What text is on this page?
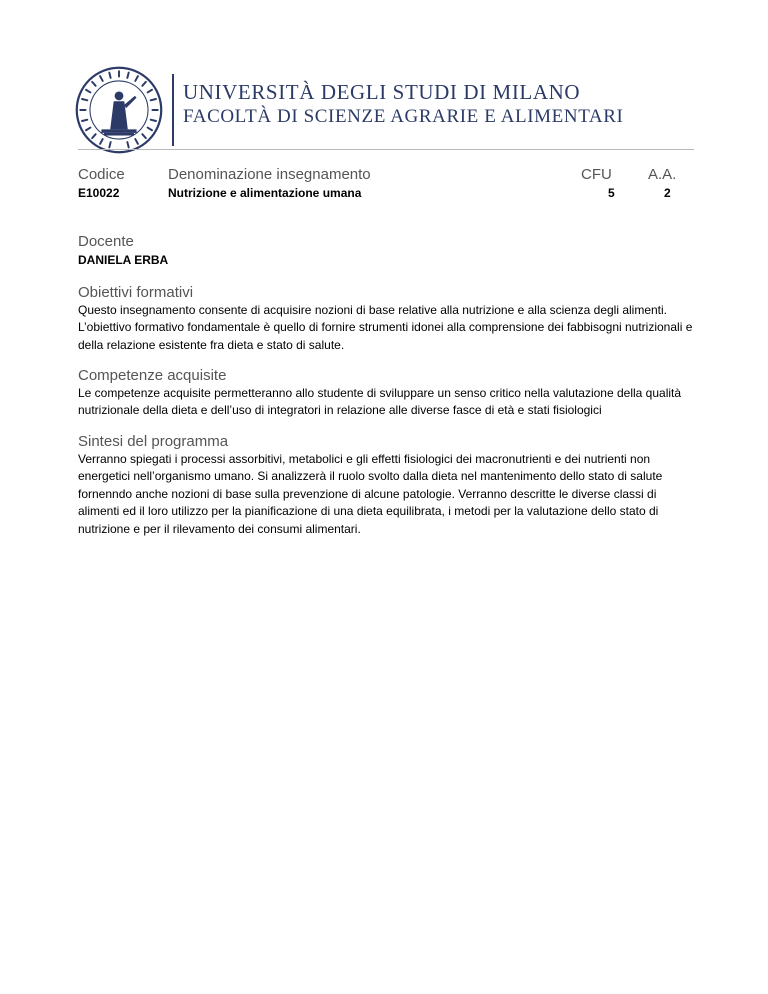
UNIVERSITÀ DEGLI STUDI DI MILANO
FACOLTÀ DI SCIENZE AGRARIE E ALIMENTARI
Codice	Denominazione insegnamento	CFU A.A.
E10022	Nutrizione e alimentazione umana	5	2
Docente
DANIELA ERBA
Obiettivi formativi
Questo insegnamento consente di acquisire nozioni di base relative alla nutrizione e alla scienza degli alimenti. L’obiettivo formativo fondamentale è quello di fornire strumenti idonei alla comprensione dei fabbisogni nutrizionali e della relazione esistente fra dieta e stato di salute.
Competenze acquisite
Le competenze acquisite permetteranno allo studente di sviluppare un senso critico nella valutazione della qualità nutrizionale della dieta e dell’uso di integratori in relazione alle diverse fasce di età e stati fisiologici
Sintesi del programma
Verranno spiegati i processi assorbitivi, metabolici e gli effetti fisiologici dei macronutrienti e dei nutrienti non energetici nell’organismo umano. Si analizzerà il ruolo svolto dalla dieta nel mantenimento dello stato di salute fornenndo anche nozioni di base sulla prevenzione di alcune patologie. Verranno descritte le diverse classi di alimenti ed il loro utilizzo per la pianificazione di una dieta equilibrata, i metodi per la valutazione dello stato di nutrizione e per il rilevamento dei consumi alimentari.
